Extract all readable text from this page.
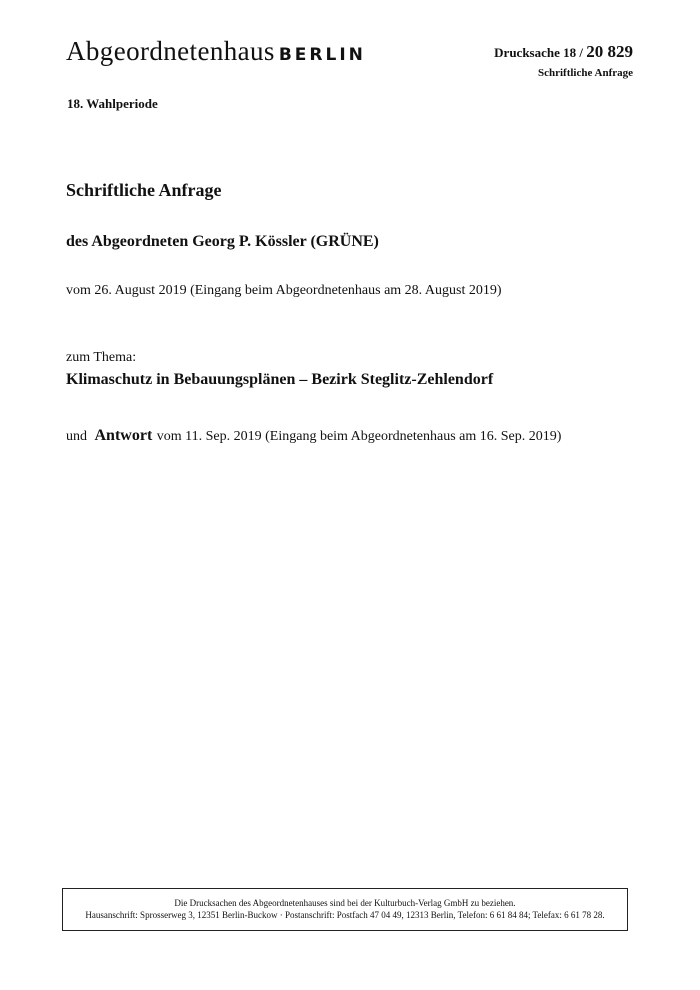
Abgeordnetenhaus BERLIN	Drucksache 18 / 20 829
Schriftliche Anfrage
18. Wahlperiode
Schriftliche Anfrage
des Abgeordneten Georg P. Kössler (GRÜNE)
vom 26. August 2019 (Eingang beim Abgeordnetenhaus am 28. August 2019)
zum Thema:
Klimaschutz in Bebauungsplänen – Bezirk Steglitz-Zehlendorf
und Antwort vom 11. Sep. 2019 (Eingang beim Abgeordnetenhaus am 16. Sep. 2019)
Die Drucksachen des Abgeordnetenhauses sind bei der Kulturbuch-Verlag GmbH zu beziehen.
Hausanschrift: Sprosserweg 3, 12351 Berlin-Buckow · Postanschrift: Postfach 47 04 49, 12313 Berlin, Telefon: 6 61 84 84; Telefax: 6 61 78 28.
